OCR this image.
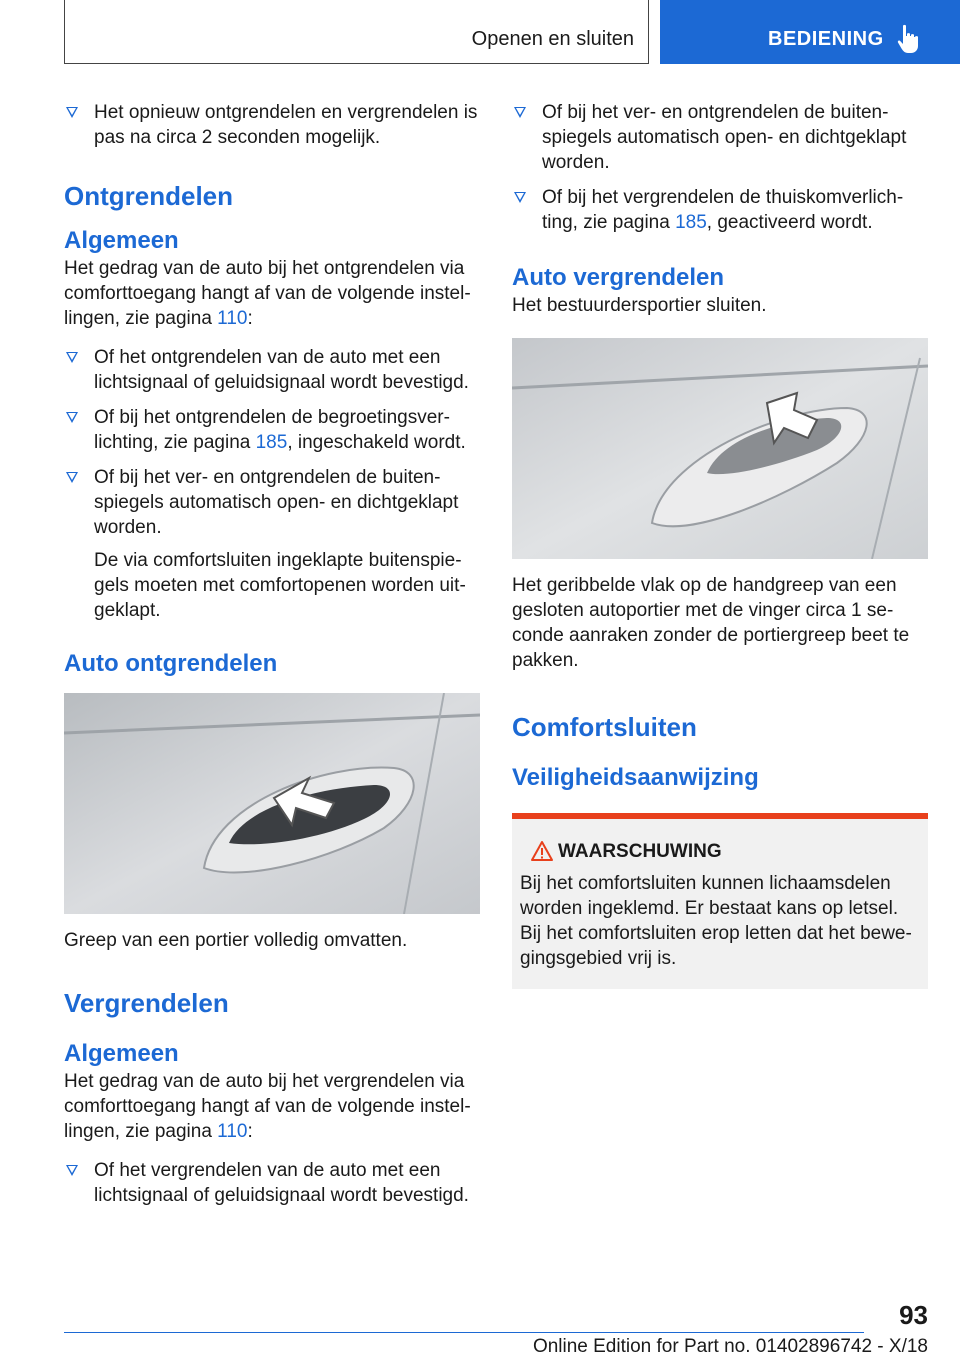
Openen en sluiten	BEDIENING
Het opnieuw ontgrendelen en vergrendelen is pas na circa 2 seconden mogelijk.
Ontgrendelen
Algemeen

Het gedrag van de auto bij het ontgrendelen via comforttoegang hangt af van de volgende instellingen, zie pagina 110:

Of het ontgrendelen van de auto met een lichtsignaal of geluidsignaal wordt bevestigd.
Of bij het ontgrendelen de begroetingsverlichting, zie pagina 185, ingeschakeld wordt.
Of bij het ver- en ontgrendelen de buitenspiegels automatisch open- en dichtgeklapt worden.
De via comfortsluiten ingeklapte buitenspiegels moeten met comfortopenen worden uitgeklapt.
Auto ontgrendelen

Greep van een portier volledig omvatten.

Vergrendelen
Algemeen

Het gedrag van de auto bij het vergrendelen via comforttoegang hangt af van de volgende instellingen, zie pagina 110:

Of het vergrendelen van de auto met een lichtsignaal of geluidsignaal wordt bevestigd.
Of bij het ver- en ontgrendelen de buitenspiegels automatisch open- en dichtgeklapt worden.
Of bij het vergrendelen de thuiskomverlichting, zie pagina 185, geactiveerd wordt.
Auto vergrendelen

Het bestuurdersportier sluiten.

Het geribbelde vlak op de handgreep van een gesloten autoportier met de vinger circa 1 seconde aanraken zonder de portiergreep beet te pakken.

Comfortsluiten
Veiligheidsaanwijzing
WAARSCHUWING

Bij het comfortsluiten kunnen lichaamsdelen worden ingeklemd. Er bestaat kans op letsel.

Bij het comfortsluiten erop letten dat het bewegingsgebied vrij is.

93
Online Edition for Part no. 01402896742 - X/18
